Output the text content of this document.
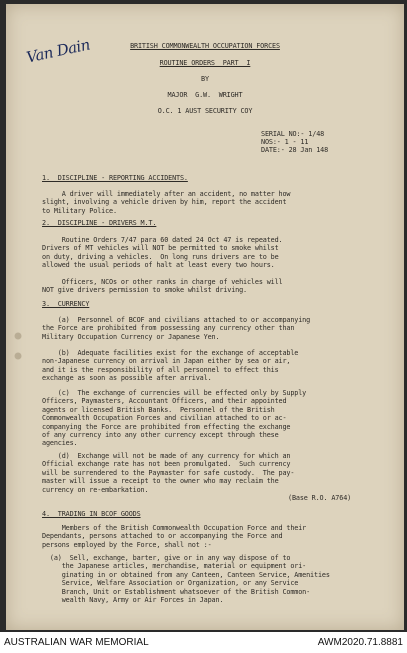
Van Dain	BRITISH COMMONWEALTH OCCUPATION FORCES
ROUTINE ORDERS  PART  I
BY
MAJOR  G.W.  WRIGHT
O.C. 1 AUST SECURITY COY
SERIAL NO:- 1/48
NOS:- 1 - 11
DATE:- 28 Jan 148
1.  DISCIPLINE - REPORTING ACCIDENTS.
A driver will immediately after an accident, no matter how
slight, involving a vehicle driven by him, report the accident
to Military Police.
2.  DISCIPLINE - DRIVERS M.T.
Routine Orders 7/47 para 60 dated 24 Oct 47 is repeated.
Drivers of MT vehicles will NOT be permitted to smoke whilst
on duty, driving a vehicles.  On long runs drivers are to be
allowed the usual periods of halt at least every two hours.

Officers, NCOs or other ranks in charge of vehicles will
NOT give drivers permission to smoke whilst driving.
3.  CURRENCY
(a)  Personnel of BCOF and civilians attached to or accompanying
the Force are prohibited from possessing any currency other than
Military Occupation Currency or Japanese Yen.
(b)  Adequate facilities exist for the exchange of acceptable
non-Japanese currency on arrival in Japan either by sea or air,
and it is the responsibility of all personnel to effect this
exchange as soon as possible after arrival.
(c)  The exchange of currencies will be effected only by Supply
Officers, Paymasters, Accountant Officers, and their appointed
agents or licensed British Banks.  Personnel of the British
Commonwealth Occupation Forces and civilian attached to or ac-
companying the Force are prohibited from effecting the exchange
of any currency into any other currency except through these
agencies.
(d)  Exchange will not be made of any currency for which an
Official exchange rate has not been promulgated.  Such currency
will be surrendered to the Paymaster for safe custody.  The pay-
master will issue a receipt to the owner who may reclaim the
currency on re-embarkation.
(Base R.O. A764)
4.  TRADING IN BCOF GOODS
Members of the British Commonwealth Occupation Force and their
Dependants, persons attached to or accompanying the Force and
persons employed by the Force, shall not :-
(a)  Sell, exchange, barter, give or in any way dispose of to
the Japanese articles, merchandise, material or equipment ori-
ginating in or obtained from any Canteen, Canteen Service, Amenities
Service, Welfare Association or Organization, or any Service
Branch, Unit or Establishment whatsoever of the British Common-
wealth Navy, Army or Air Forces in Japan.
AUSTRALIAN WAR MEMORIAL	AWM2020.71.8881
